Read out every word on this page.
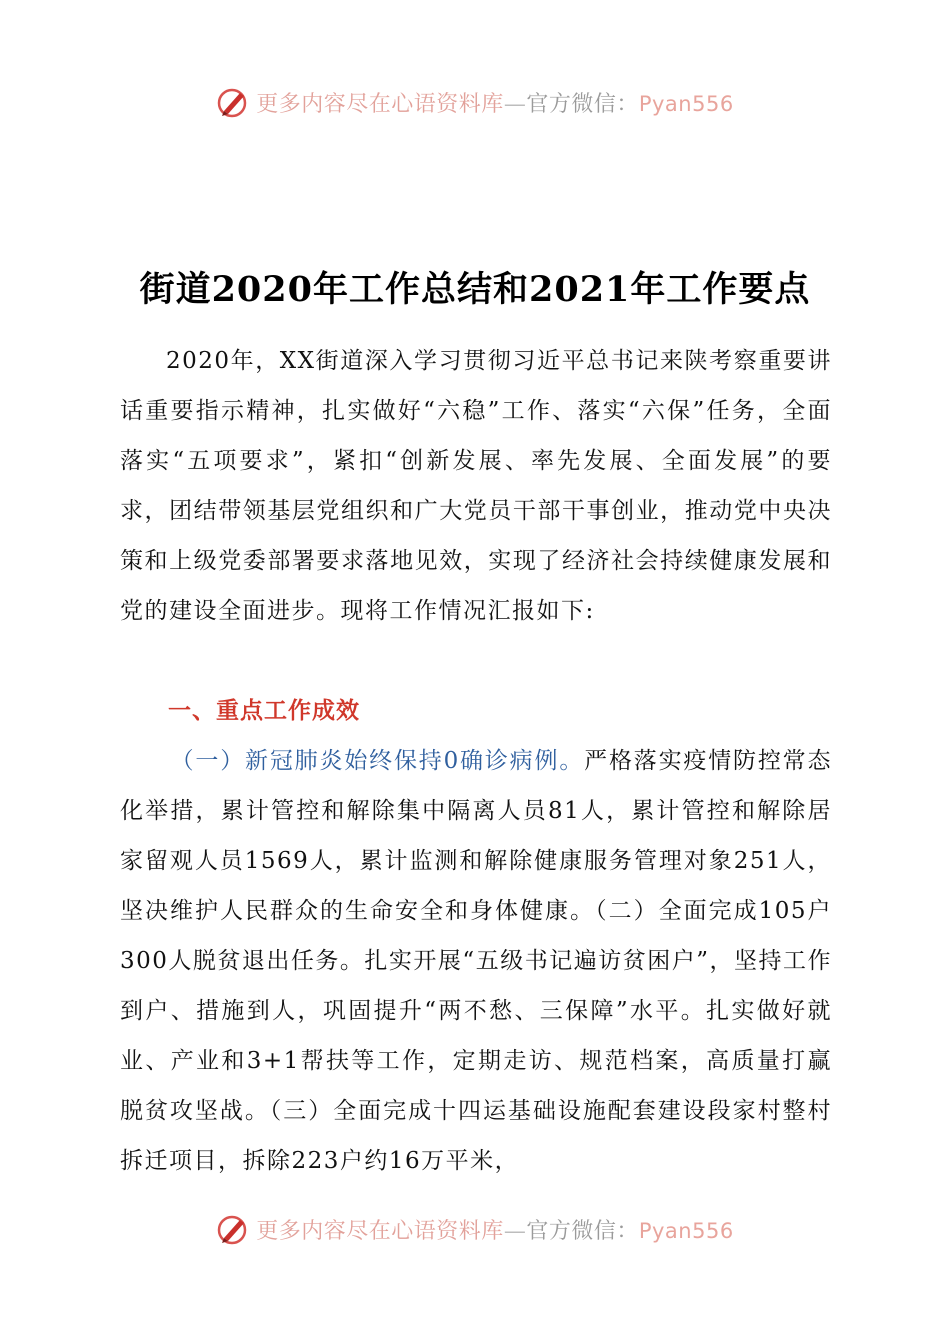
更多内容尽在心语资料库—官方微信：Pyan556
街道2020年工作总结和2021年工作要点

2020年，XX街道深入学习贯彻习近平总书记来陕考察重要讲话重要指示精神，扎实做好“六稳”工作、落实“六保”任务，全面落实“五项要求”，紧扣“创新发展、率先发展、全面发展”的要求，团结带领基层党组织和广大党员干部干事创业，推动党中央决策和上级党委部署要求落地见效，实现了经济社会持续健康发展和党的建设全面进步。现将工作情况汇报如下:

一、重点工作成效

（一）新冠肺炎始终保持0确诊病例。严格落实疫情防控常态化举措，累计管控和解除集中隔离人员81人，累计管控和解除居家留观人员1569人，累计监测和解除健康服务管理对象251人，坚决维护人民群众的生命安全和身体健康。（二）全面完成105户300人脱贫退出任务。扎实开展“五级书记遍访贫困户”，坚持工作到户、措施到人，巩固提升“两不愁、三保障”水平。扎实做好就业、产业和3+1帮扶等工作，定期走访、规范档案，高质量打赢脱贫攻坚战。（三）全面完成十四运基础设施配套建设段家村整村拆迁项目，拆除223户约16万平米，

更多内容尽在心语资料库—官方微信：Pyan556
